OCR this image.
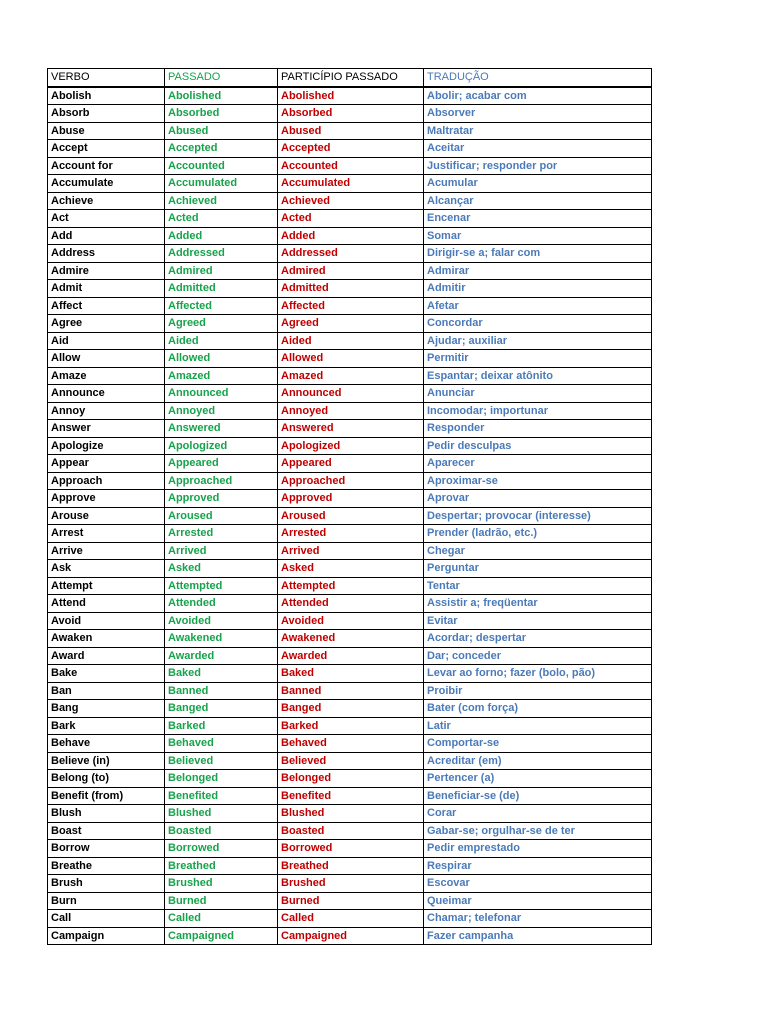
VERBO	PASSADO	PARTICÍPIO PASSADO	TRADUÇÃO
Abolish	Abolished	Abolished	Abolir; acabar com
Absorb	Absorbed	Absorbed	Absorver
Abuse	Abused	Abused	Maltratar
Accept	Accepted	Accepted	Aceitar
Account for	Accounted	Accounted	Justificar; responder por
Accumulate	Accumulated	Accumulated	Acumular
Achieve	Achieved	Achieved	Alcançar
Act	Acted	Acted	Encenar
Add	Added	Added	Somar
Address	Addressed	Addressed	Dirigir-se a; falar com
Admire	Admired	Admired	Admirar
Admit	Admitted	Admitted	Admitir
Affect	Affected	Affected	Afetar
Agree	Agreed	Agreed	Concordar
Aid	Aided	Aided	Ajudar; auxiliar
Allow	Allowed	Allowed	Permitir
Amaze	Amazed	Amazed	Espantar; deixar atônito
Announce	Announced	Announced	Anunciar
Annoy	Annoyed	Annoyed	Incomodar; importunar
Answer	Answered	Answered	Responder
Apologize	Apologized	Apologized	Pedir desculpas
Appear	Appeared	Appeared	Aparecer
Approach	Approached	Approached	Aproximar-se
Approve	Approved	Approved	Aprovar
Arouse	Aroused	Aroused	Despertar; provocar (interesse)
Arrest	Arrested	Arrested	Prender (ladrão, etc.)
Arrive	Arrived	Arrived	Chegar
Ask	Asked	Asked	Perguntar
Attempt	Attempted	Attempted	Tentar
Attend	Attended	Attended	Assistir a; freqüentar
Avoid	Avoided	Avoided	Evitar
Awaken	Awakened	Awakened	Acordar; despertar
Award	Awarded	Awarded	Dar; conceder
Bake	Baked	Baked	Levar ao forno; fazer (bolo, pão)
Ban	Banned	Banned	Proibir
Bang	Banged	Banged	Bater (com força)
Bark	Barked	Barked	Latir
Behave	Behaved	Behaved	Comportar-se
Believe (in)	Believed	Believed	Acreditar (em)
Belong (to)	Belonged	Belonged	Pertencer (a)
Benefit (from)	Benefited	Benefited	Beneficiar-se (de)
Blush	Blushed	Blushed	Corar
Boast	Boasted	Boasted	Gabar-se; orgulhar-se de ter
Borrow	Borrowed	Borrowed	Pedir emprestado
Breathe	Breathed	Breathed	Respirar
Brush	Brushed	Brushed	Escovar
Burn	Burned	Burned	Queimar
Call	Called	Called	Chamar; telefonar
Campaign	Campaigned	Campaigned	Fazer campanha
